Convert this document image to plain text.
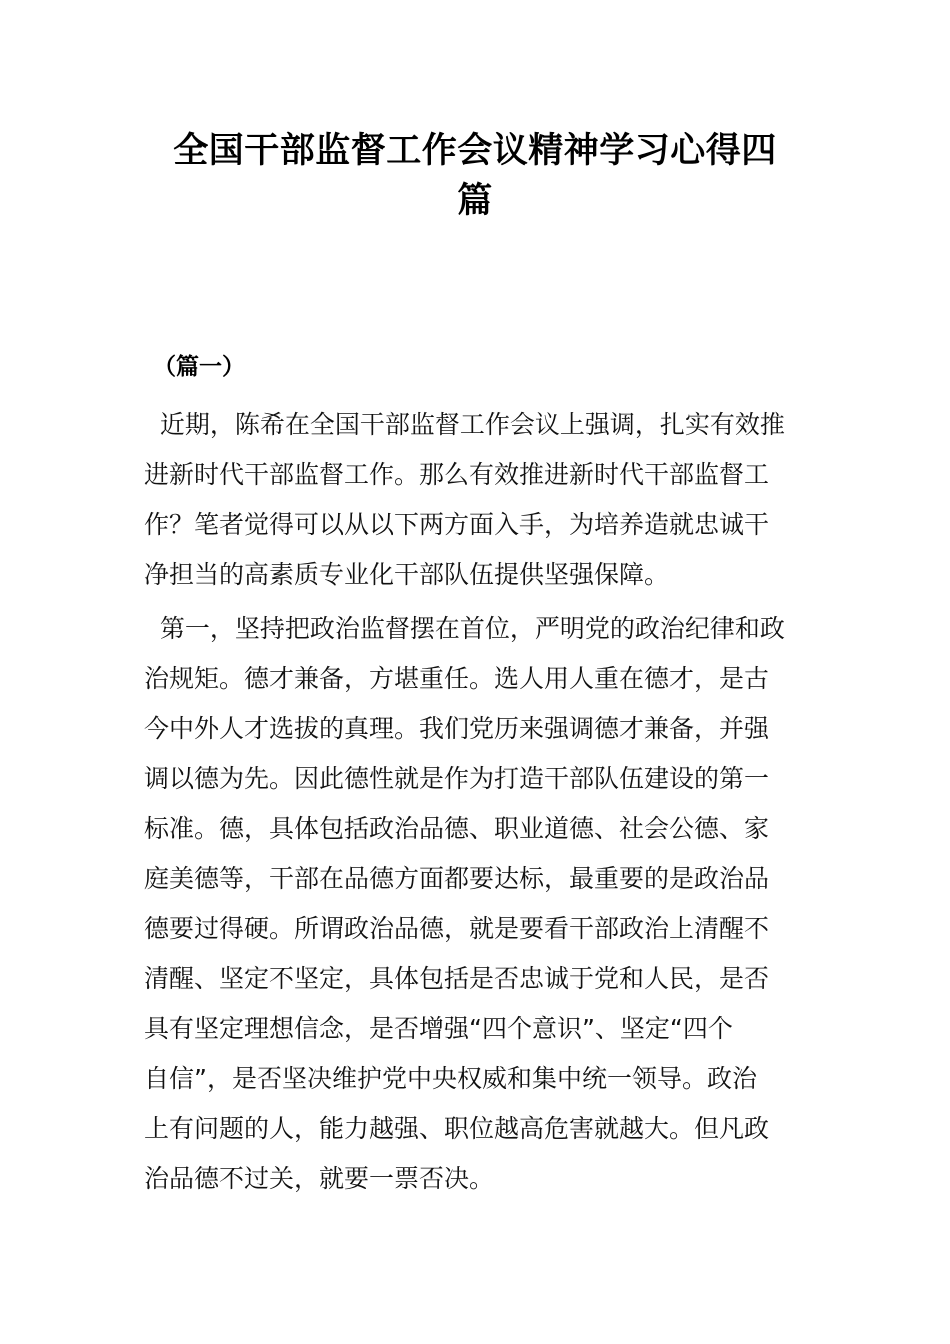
全国干部监督工作会议精神学习心得四
篇
（篇一）
近期，陈希在全国干部监督工作会议上强调，扎实有效推
进新时代干部监督工作。那么有效推进新时代干部监督工
作？笔者觉得可以从以下两方面入手，为培养造就忠诚干
净担当的高素质专业化干部队伍提供坚强保障。
第一，坚持把政治监督摆在首位，严明党的政治纪律和政
治规矩。德才兼备，方堪重任。选人用人重在德才，是古
今中外人才选拔的真理。我们党历来强调德才兼备，并强
调以德为先。因此德性就是作为打造干部队伍建设的第一
标准。德，具体包括政治品德、职业道德、社会公德、家
庭美德等，干部在品德方面都要达标，最重要的是政治品
德要过得硬。所谓政治品德，就是要看干部政治上清醒不
清醒、坚定不坚定，具体包括是否忠诚于党和人民，是否
具有坚定理想信念，是否增强“四个意识”、坚定“四个
自信”，是否坚决维护党中央权威和集中统一领导。政治
上有问题的人，能力越强、职位越高危害就越大。但凡政
治品德不过关，就要一票否决。
